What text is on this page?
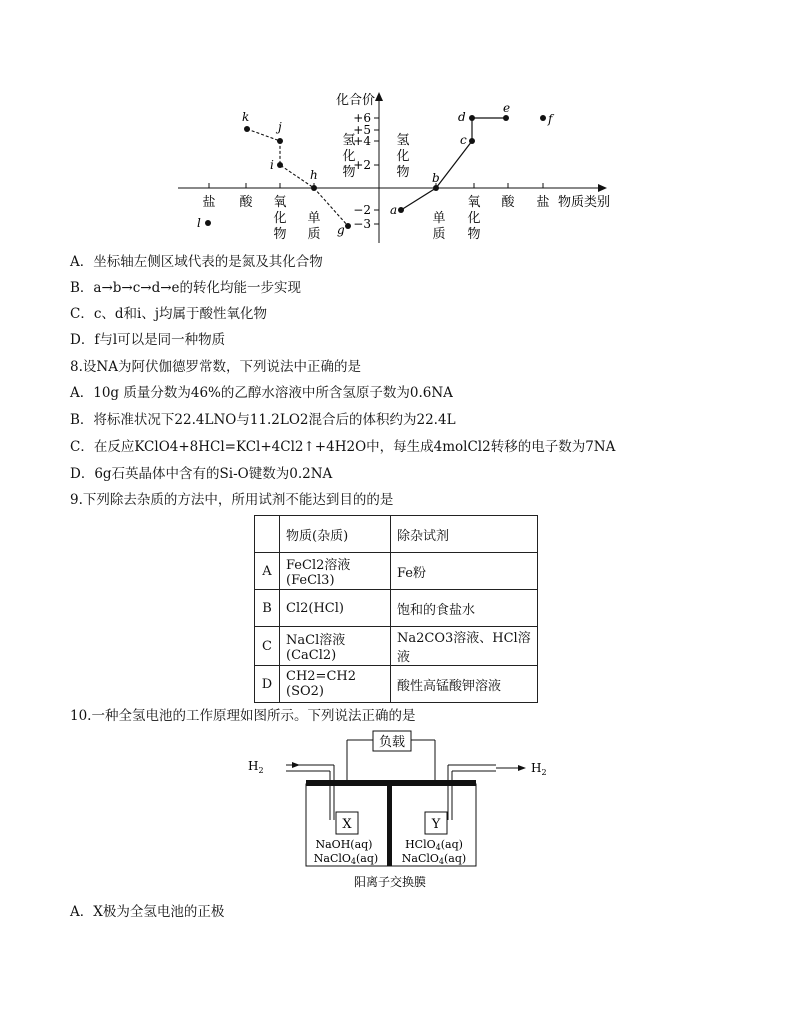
化合价
物质类别
+6
+5
+4
+2
−2
−3
氢
化
物
氢
化
物
盐 酸 氧
化
物
单
质
单
质
氧
化
物
酸 盐
a
b
c
d
e
f
g
h
i
j
k
l
A．坐标轴左侧区域代表的是氮及其化合物
B．a→b→c→d→e的转化均能一步实现
C．c、d和i、j均属于酸性氧化物
D．f与l可以是同一种物质
8.设NA为阿伏伽德罗常数，下列说法中正确的是
A．10g 质量分数为46%的乙醇水溶液中所含氢原子数为0.6NA
B．将标准状况下22.4LNO与11.2LO2混合后的体积约为22.4L
C．在反应KClO4+8HCl=KCl+4Cl2↑+4H2O中，每生成4molCl2转移的电子数为7NA
D．6g石英晶体中含有的Si-O键数为0.2NA
9.下列除去杂质的方法中，所用试剂不能达到目的的是
	物质(杂质)	除杂试剂
A	FeCl2溶液(FeCl3)	Fe粉
B	Cl2(HCl)	饱和的食盐水
C	NaCl溶液(CaCl2)	Na2CO3溶液、HCl溶液
D	CH2=CH2 (SO2)	酸性高锰酸钾溶液
10.一种全氢电池的工作原理如图所示。下列说法正确的是
负载
$H_2$	$H_2$
X	Y
NaOH(aq)
NaClO4(aq)
HClO4(aq)
NaClO4(aq)
阳离子交换膜
A．X极为全氢电池的正极
